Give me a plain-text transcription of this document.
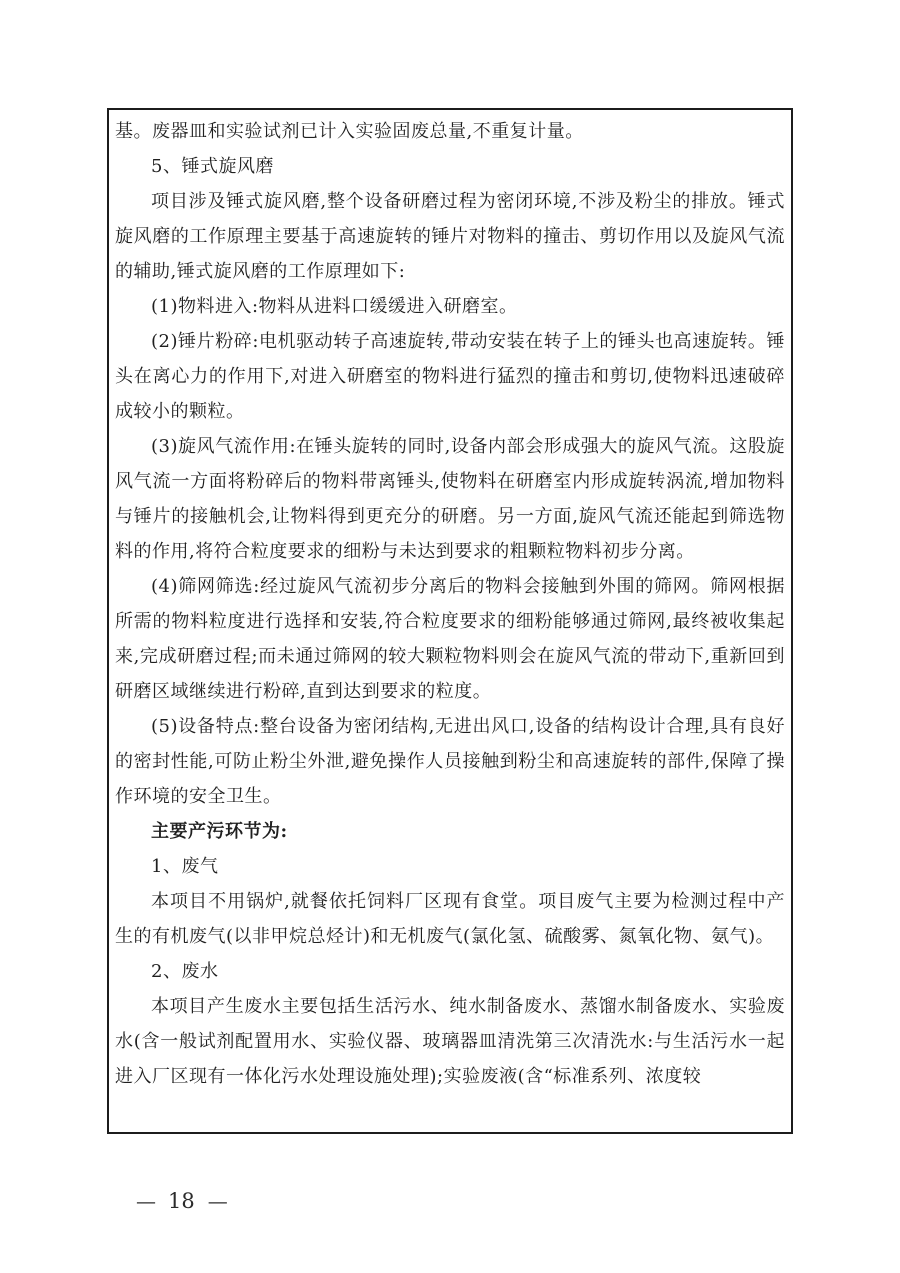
基。废器皿和实验试剂已计入实验固废总量,不重复计量。

5、锤式旋风磨

项目涉及锤式旋风磨,整个设备研磨过程为密闭环境,不涉及粉尘的排放。锤式旋风磨的工作原理主要基于高速旋转的锤片对物料的撞击、剪切作用以及旋风气流的辅助,锤式旋风磨的工作原理如下:

(1)物料进入:物料从进料口缓缓进入研磨室。

(2)锤片粉碎:电机驱动转子高速旋转,带动安装在转子上的锤头也高速旋转。锤头在离心力的作用下,对进入研磨室的物料进行猛烈的撞击和剪切,使物料迅速破碎成较小的颗粒。

(3)旋风气流作用:在锤头旋转的同时,设备内部会形成强大的旋风气流。这股旋风气流一方面将粉碎后的物料带离锤头,使物料在研磨室内形成旋转涡流,增加物料与锤片的接触机会,让物料得到更充分的研磨。另一方面,旋风气流还能起到筛选物料的作用,将符合粒度要求的细粉与未达到要求的粗颗粒物料初步分离。

(4)筛网筛选:经过旋风气流初步分离后的物料会接触到外围的筛网。筛网根据所需的物料粒度进行选择和安装,符合粒度要求的细粉能够通过筛网,最终被收集起来,完成研磨过程;而未通过筛网的较大颗粒物料则会在旋风气流的带动下,重新回到研磨区域继续进行粉碎,直到达到要求的粒度。

(5)设备特点:整台设备为密闭结构,无进出风口,设备的结构设计合理,具有良好的密封性能,可防止粉尘外泄,避免操作人员接触到粉尘和高速旋转的部件,保障了操作环境的安全卫生。

主要产污环节为:

1、废气

本项目不用锅炉,就餐依托饲料厂区现有食堂。项目废气主要为检测过程中产生的有机废气(以非甲烷总烃计)和无机废气(氯化氢、硫酸雾、氮氧化物、氨气)。

2、废水

本项目产生废水主要包括生活污水、纯水制备废水、蒸馏水制备废水、实验废水(含一般试剂配置用水、实验仪器、玻璃器皿清洗第三次清洗水:与生活污水一起进入厂区现有一体化污水处理设施处理);实验废液(含“标准系列、浓度较

— 18 —
